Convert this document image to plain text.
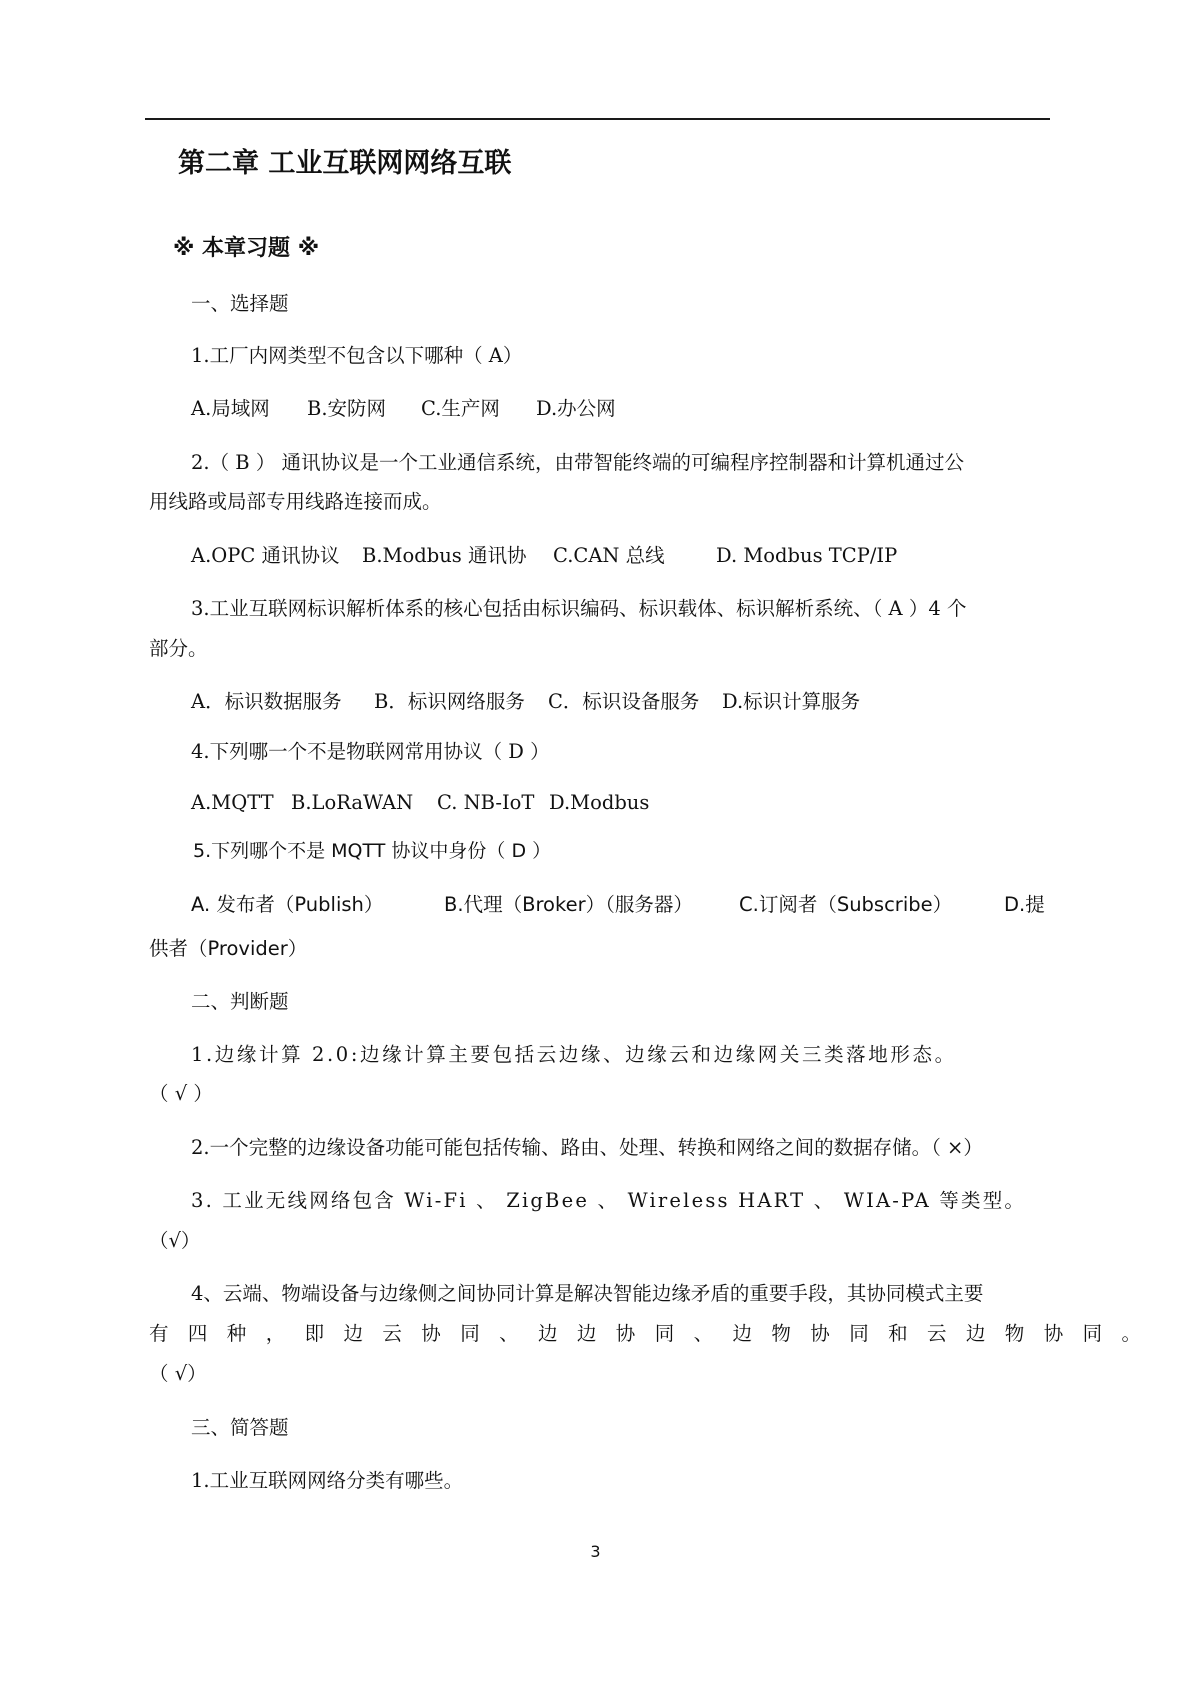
第二章 工业互联网网络互联
※ 本章习题 ※
一、选择题
1.工厂内网类型不包含以下哪种（ A）
A.局域网 B.安防网 C.生产网 D.办公网
2.（ B ） 通讯协议是一个工业通信系统，由带智能终端的可编程序控制器和计算机通过公
用线路或局部专用线路连接而成。
A.OPC 通讯协议 B.Modbus 通讯协 C.CAN 总线	D. Modbus TCP/IP
3.工业互联网标识解析体系的核心包括由标识编码、标识载体、标识解析系统、（ A ）4 个
部分。
A．标识数据服务 B．标识网络服务 C．标识设备服务 D.标识计算服务
4.下列哪一个不是物联网常用协议（ D ）
A.MQTT B.LoRaWAN C. NB-IoT D.Modbus
5.下列哪个不是 MQTT 协议中身份（ D ）
A. 发布者（Publish）	B.代理（Broker）（服务器） C.订阅者（Subscribe）	D.提
供者（Provider）
二、判断题
1.边缘计算 2.0:边缘计算主要包括云边缘、边缘云和边缘网关三类落地形态。
（ √ ）
2.一个完整的边缘设备功能可能包括传输、路由、处理、转换和网络之间的数据存储。（ ×）
3. 工业无线网络包含 Wi-Fi 、 ZigBee 、 Wireless HART 、 WIA-PA 等类型。
（√）
4、云端、物端设备与边缘侧之间协同计算是解决智能边缘矛盾的重要手段，其协同模式主要
有四种，即边云协同、边边协同、边物协同和云边物协同。
（ √）
三、简答题
1.工业互联网网络分类有哪些。
3
